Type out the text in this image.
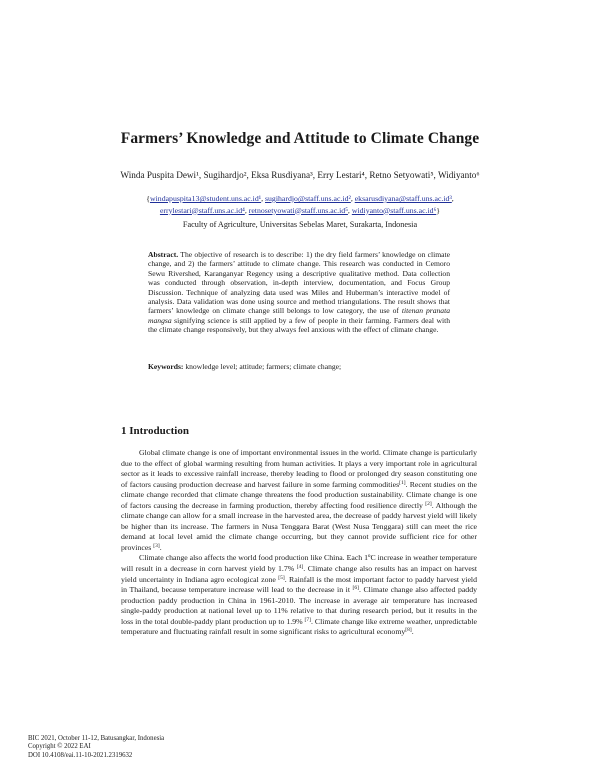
Farmers’ Knowledge and Attitude to Climate Change
Winda Puspita Dewi¹, Sugihardjo², Eksa Rusdiyana³, Erry Lestari⁴, Retno Setyowati⁵, Widiyanto⁶
{windapuspita13@student.uns.ac.id¹, sugihardjo@staff.uns.ac.id², eksarusdiyana@staff.uns.ac.id³, errylestari@staff.uns.ac.id⁴, retnosetyowati@staff.uns.ac.id⁵, widiyanto@staff.uns.ac.id⁶}
Faculty of Agriculture, Universitas Sebelas Maret, Surakarta, Indonesia
Abstract. The objective of research is to describe: 1) the dry field farmers’ knowledge on climate change, and 2) the farmers’ attitude to climate change. This research was conducted in Cemoro Sewu Rivershed, Karanganyar Regency using a descriptive qualitative method. Data collection was conducted through observation, in-depth interview, documentation, and Focus Group Discussion. Technique of analyzing data used was Miles and Huberman’s interactive model of analysis. Data validation was done using source and method triangulations. The result shows that farmers’ knowledge on climate change still belongs to low category, the use of titenan pranata mangsa signifying science is still applied by a few of people in their farming. Farmers deal with the climate change responsively, but they always feel anxious with the effect of climate change.
Keywords: knowledge level; attitude; farmers; climate change;
1 Introduction

Global climate change is one of important environmental issues in the world. Climate change is particularly due to the effect of global warming resulting from human activities. It plays a very important role in agricultural sector as it leads to excessive rainfall increase, thereby leading to flood or prolonged dry season constituting one of factors causing production decrease and harvest failure in some farming commodities[1]. Recent studies on the climate change recorded that climate change threatens the food production sustainability. Climate change is one of factors causing the decrease in farming production, thereby affecting food resilience directly [2]. Although the climate change can allow for a small increase in the harvested area, the decrease of paddy harvest yield will likely be higher than its increase. The farmers in Nusa Tenggara Barat (West Nusa Tenggara) still can meet the rice demand at local level amid the climate change occurring, but they cannot provide sufficient rice for other provinces [3].

Climate change also affects the world food production like China. Each 1ºC increase in weather temperature will result in a decrease in corn harvest yield by 1.7% [4]. Climate change also results has an impact on harvest yield uncertainty in Indiana agro ecological zone [5]. Rainfall is the most important factor to paddy harvest yield in Thailand, because temperature increase will lead to the decrease in it [6]. Climate change also affected paddy production paddy production in China in 1961-2010. The increase in average air temperature has increased single-paddy production at national level up to 11% relative to that during research period, but it results in the loss in the total double-paddy plant production up to 1.9% [7]. Climate change like extreme weather, unpredictable temperature and fluctuating rainfall result in some significant risks to agricultural economy[8].

BIC 2021, October 11-12, Batusangkar, Indonesia
Copyright © 2022 EAI
DOI 10.4108/eai.11-10-2021.2319632
